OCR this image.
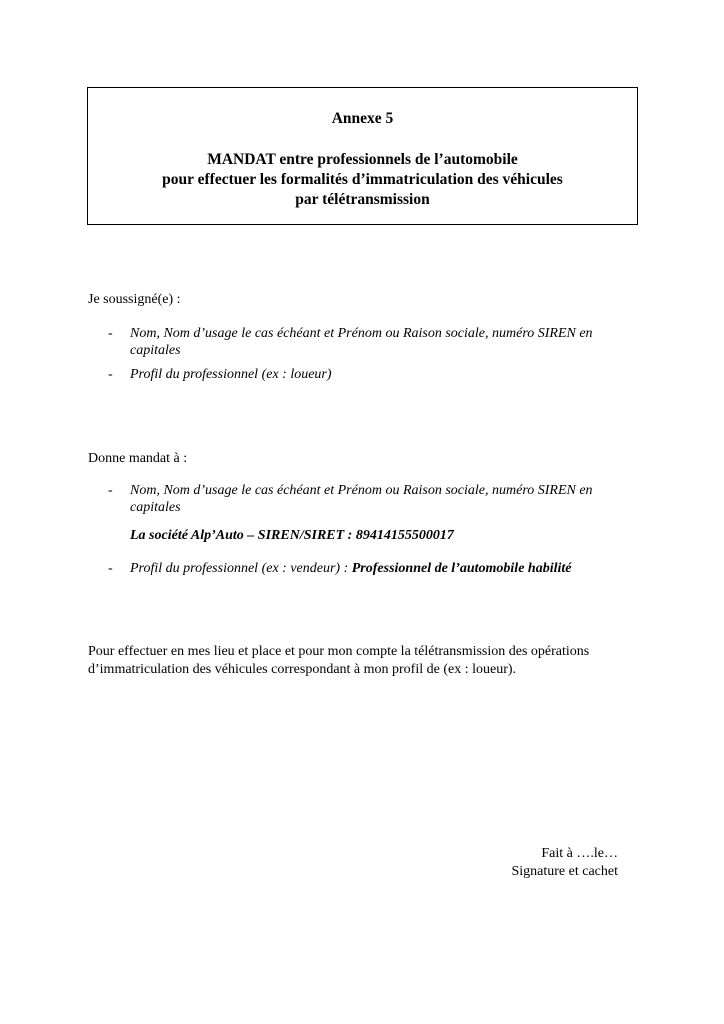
Annexe 5
MANDAT entre professionnels de l’automobile
pour effectuer les formalités d’immatriculation des véhicules
par télétransmission
Je soussigné(e) :
- Nom, Nom d’usage le cas échéant et Prénom ou Raison sociale, numéro SIREN en
capitales
- Profil du professionnel (ex : loueur)
Donne mandat à :
- Nom, Nom d’usage le cas échéant et Prénom ou Raison sociale, numéro SIREN en
capitales
La société Alp’Auto – SIREN/SIRET : 89414155500017
- Profil du professionnel (ex : vendeur) : Professionnel de l’automobile habilité
Pour effectuer en mes lieu et place et pour mon compte la télétransmission des opérations
d’immatriculation des véhicules correspondant à mon profil de (ex : loueur).
Fait à ….le…
Signature et cachet
